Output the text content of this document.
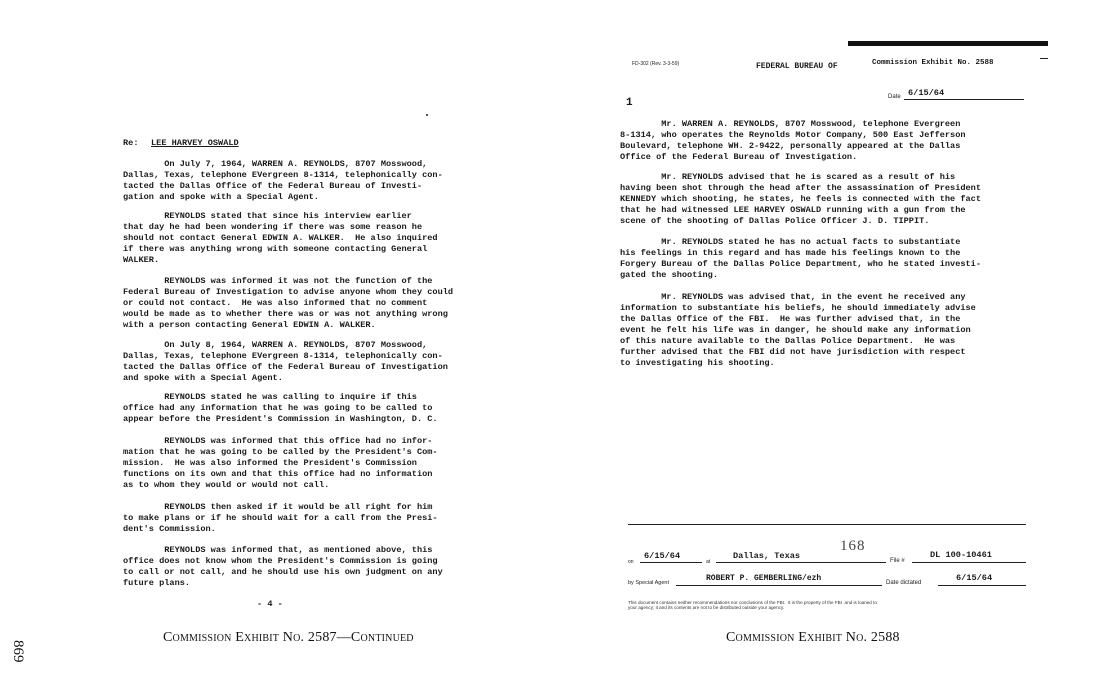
Re: LEE HARVEY OSWALD
On July 7, 1964, WARREN A. REYNOLDS, 8707 Mosswood,
Dallas, Texas, telephone EVergreen 8-1314, telephonically con-
tacted the Dallas Office of the Federal Bureau of Investi-
gation and spoke with a Special Agent.
REYNOLDS stated that since his interview earlier
that day he had been wondering if there was some reason he
should not contact General EDWIN A. WALKER.  He also inquired
if there was anything wrong with someone contacting General
WALKER.
REYNOLDS was informed it was not the function of the
Federal Bureau of Investigation to advise anyone whom they could
or could not contact.  He was also informed that no comment
would be made as to whether there was or was not anything wrong
with a person contacting General EDWIN A. WALKER.
On July 8, 1964, WARREN A. REYNOLDS, 8707 Mosswood,
Dallas, Texas, telephone EVergreen 8-1314, telephonically con-
tacted the Dallas Office of the Federal Bureau of Investigation
and spoke with a Special Agent.
REYNOLDS stated he was calling to inquire if this
office had any information that he was going to be called to
appear before the President's Commission in Washington, D. C.
REYNOLDS was informed that this office had no infor-
mation that he was going to be called by the President's Com-
mission.  He was also informed the President's Commission
functions on its own and that this office had no information
as to whom they would or would not call.
REYNOLDS then asked if it would be all right for him
to make plans or if he should wait for a call from the Presi-
dent's Commission.
REYNOLDS was informed that, as mentioned above, this
office does not know whom the President's Commission is going
to call or not call, and he should use his own judgment on any
future plans.
- 4 -
Commission Exhibit No. 2587—Continued
869
FD-302 (Rev. 3-3-59)	FEDERAL BUREAU OF	Commission Exhibit No. 2588
Date 6/15/64
1
Mr. WARREN A. REYNOLDS, 8707 Mosswood, telephone Evergreen
8-1314, who operates the Reynolds Motor Company, 500 East Jefferson
Boulevard, telephone WH. 2-9422, personally appeared at the Dallas
Office of the Federal Bureau of Investigation.
Mr. REYNOLDS advised that he is scared as a result of his
having been shot through the head after the assassination of President
KENNEDY which shooting, he states, he feels is connected with the fact
that he had witnessed LEE HARVEY OSWALD running with a gun from the
scene of the shooting of Dallas Police Officer J. D. TIPPIT.
Mr. REYNOLDS stated he has no actual facts to substantiate
his feelings in this regard and has made his feelings known to the
Forgery Bureau of the Dallas Police Department, who he stated investi-
gated the shooting.
Mr. REYNOLDS was advised that, in the event he received any
information to substantiate his beliefs, he should immediately advise
the Dallas Office of the FBI.  He was further advised that, in the
event he felt his life was in danger, he should make any information
of this nature available to the Dallas Police Department.  He was
further advised that the FBI did not have jurisdiction with respect
to investigating his shooting.
on
6/15/64
at
Dallas, Texas
168
File #
DL 100-10461
by Special Agent	ROBERT P. GEMBERLING/ezh	Date dictated	6/15/64
This document contains neither recommendations nor conclusions of the FBI.  It is the property of the FBI  and is loaned to
your agency; it and its contents are not to be distributed outside your agency.
Commission Exhibit No. 2588
